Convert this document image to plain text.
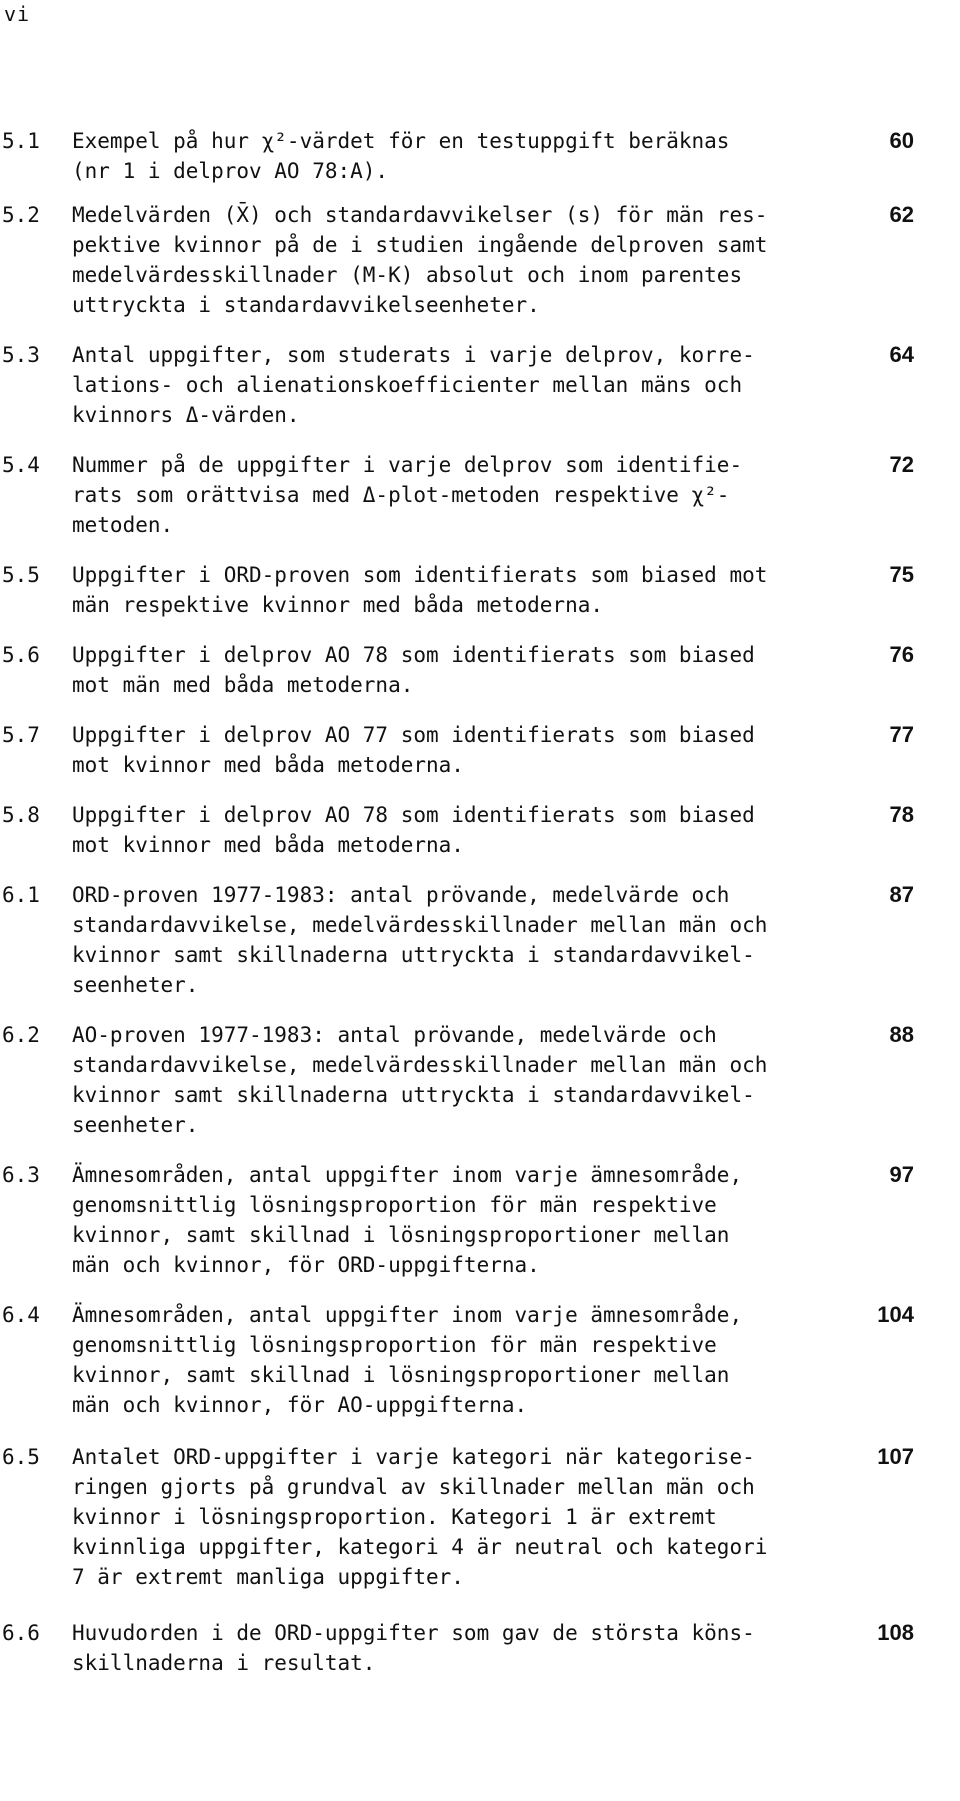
vi
5.1	Exempel på hur χ²-värdet för en testuppgift beräknas
(nr 1 i delprov AO 78:A).
60
5.2	Medelvärden (X̄) och standardavvikelser (s) för män res-
pektive kvinnor på de i studien ingående delproven samt
medelvärdesskillnader (M-K) absolut och inom parentes
uttryckta i standardavvikelseenheter.
62
5.3	Antal uppgifter, som studerats i varje delprov, korre-
lations- och alienationskoefficienter mellan mäns och
kvinnors Δ-värden.
64
5.4	Nummer på de uppgifter i varje delprov som identifie-
rats som orättvisa med Δ-plot-metoden respektive χ²-
metoden.
72
5.5	Uppgifter i ORD-proven som identifierats som biased mot
män respektive kvinnor med båda metoderna.
75
5.6	Uppgifter i delprov AO 78 som identifierats som biased
mot män med båda metoderna.
76
5.7	Uppgifter i delprov AO 77 som identifierats som biased
mot kvinnor med båda metoderna.
77
5.8	Uppgifter i delprov AO 78 som identifierats som biased
mot kvinnor med båda metoderna.
78
6.1	ORD-proven 1977-1983: antal prövande, medelvärde och
standardavvikelse, medelvärdesskillnader mellan män och
kvinnor samt skillnaderna uttryckta i standardavvikel-
seenheter.
87
6.2	AO-proven 1977-1983: antal prövande, medelvärde och
standardavvikelse, medelvärdesskillnader mellan män och
kvinnor samt skillnaderna uttryckta i standardavvikel-
seenheter.
88
6.3	Ämnesområden, antal uppgifter inom varje ämnesområde,
genomsnittlig lösningsproportion för män respektive
kvinnor, samt skillnad i lösningsproportioner mellan
män och kvinnor, för ORD-uppgifterna.
97
6.4	Ämnesområden, antal uppgifter inom varje ämnesområde,
genomsnittlig lösningsproportion för män respektive
kvinnor, samt skillnad i lösningsproportioner mellan
män och kvinnor, för AO-uppgifterna.
104
6.5	Antalet ORD-uppgifter i varje kategori när kategorise-
ringen gjorts på grundval av skillnader mellan män och
kvinnor i lösningsproportion. Kategori 1 är extremt
kvinnliga uppgifter, kategori 4 är neutral och kategori
7 är extremt manliga uppgifter.
107
6.6	Huvudorden i de ORD-uppgifter som gav de största köns-
skillnaderna i resultat.
108
